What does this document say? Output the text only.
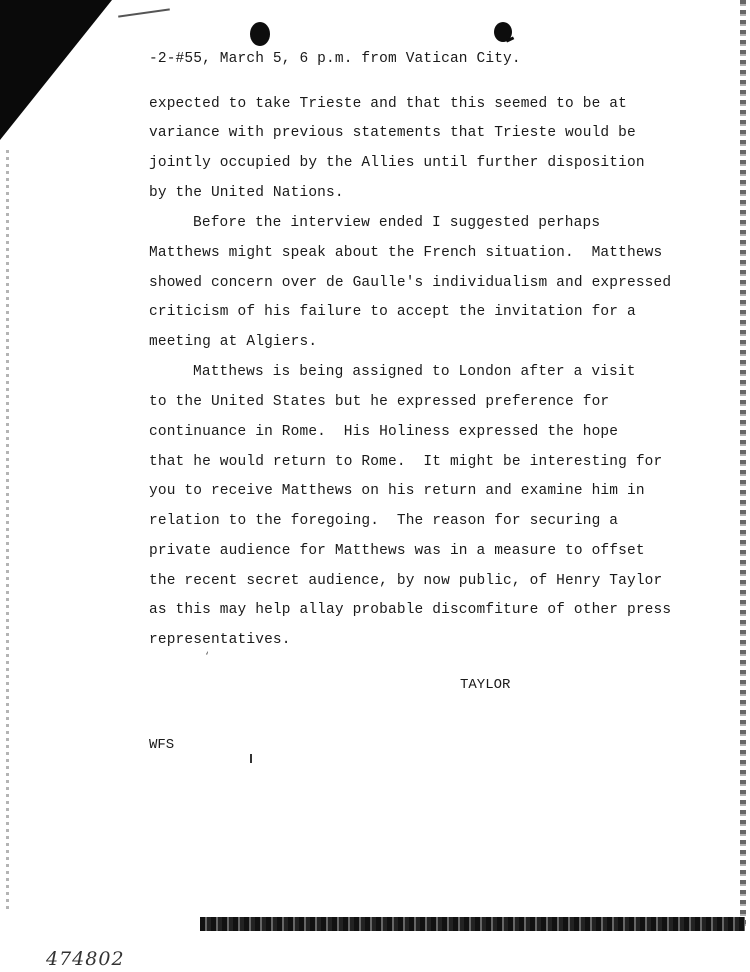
-2-#55, March 5, 6 p.m. from Vatican City.
expected to take Trieste and that this seemed to be at
variance with previous statements that Trieste would be
jointly occupied by the Allies until further disposition
by the United Nations.
Before the interview ended I suggested perhaps
Matthews might speak about the French situation.  Matthews
showed concern over de Gaulle's individualism and expressed
criticism of his failure to accept the invitation for a
meeting at Algiers.
Matthews is being assigned to London after a visit
to the United States but he expressed preference for
continuance in Rome.  His Holiness expressed the hope
that he would return to Rome.  It might be interesting for
you to receive Matthews on his return and examine him in
relation to the foregoing.  The reason for securing a
private audience for Matthews was in a measure to offset
the recent secret audience, by now public, of Henry Taylor
as this may help allay probable discomfiture of other press
representatives.
‘
TAYLOR
WFS
474802
